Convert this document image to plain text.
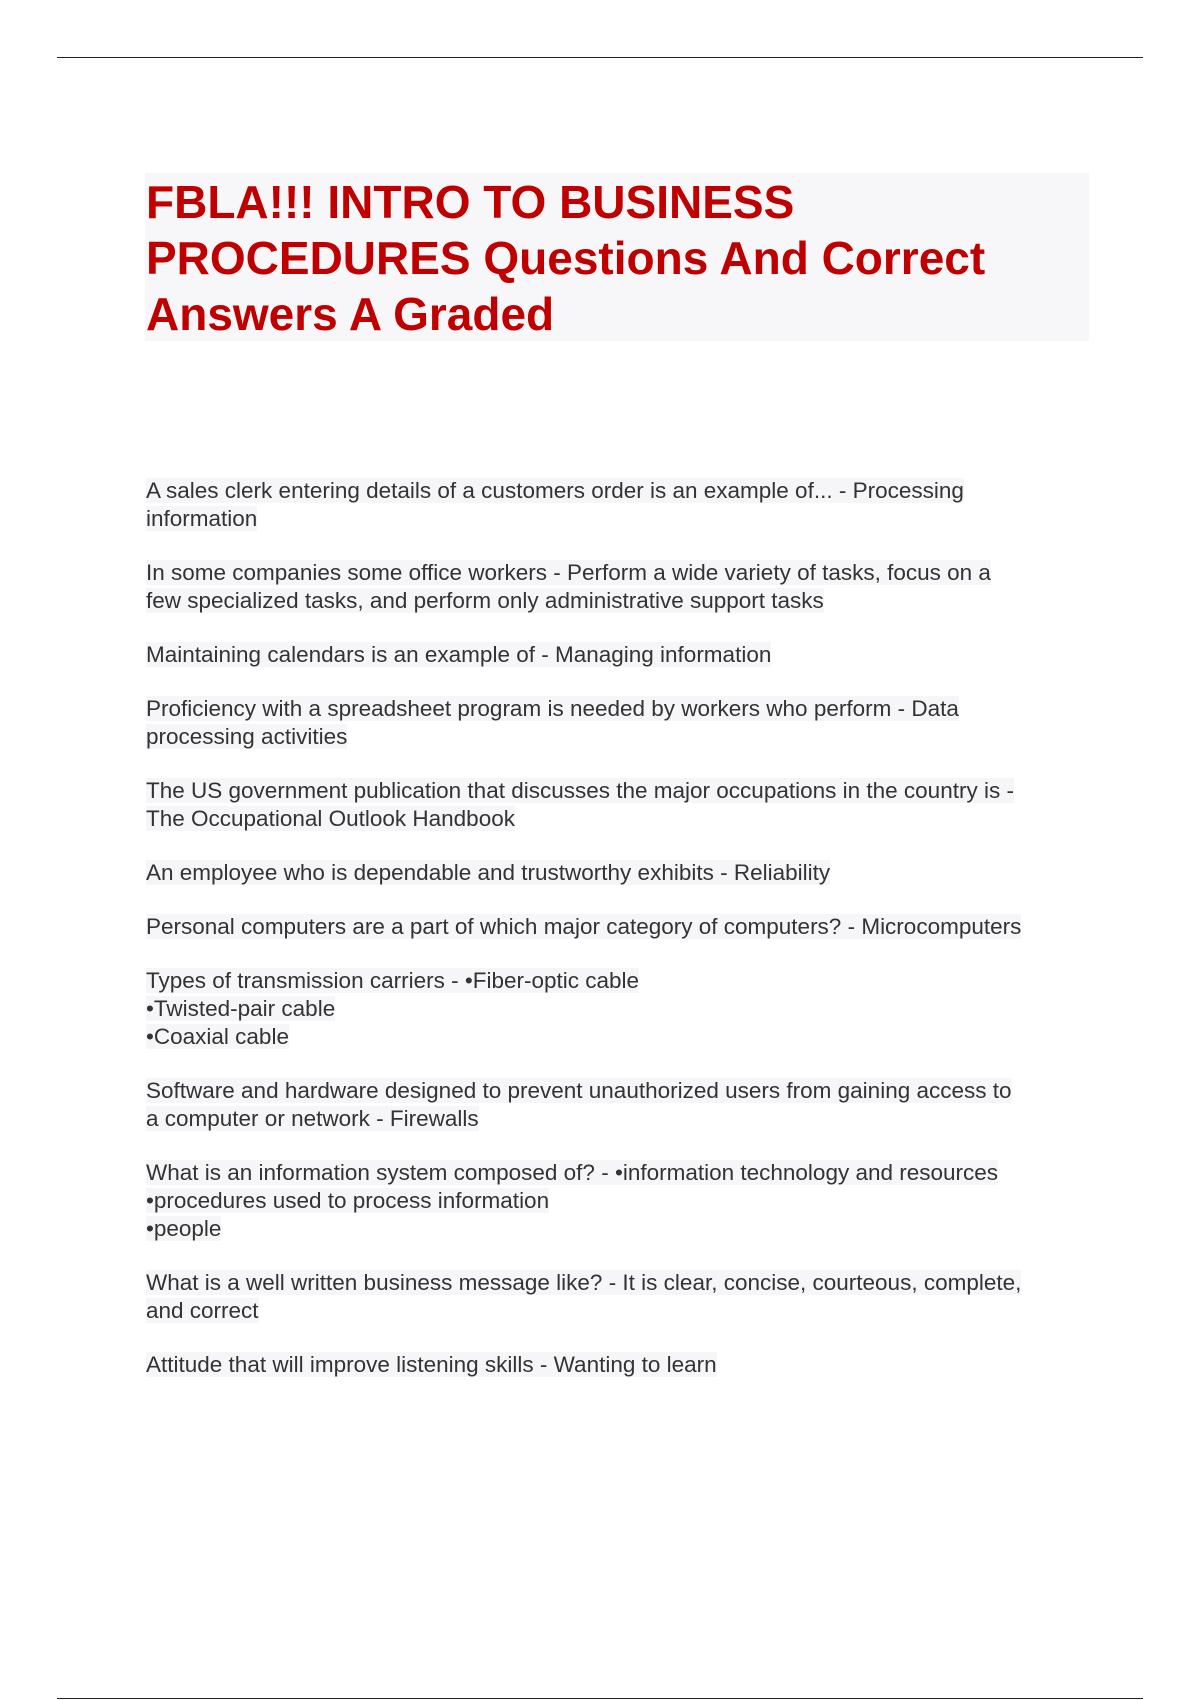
FBLA!!! INTRO TO BUSINESS
PROCEDURES Questions And Correct
Answers A Graded
A sales clerk entering details of a customers order is an example of... - Processing
information
In some companies some office workers - Perform a wide variety of tasks, focus on a
few specialized tasks, and perform only administrative support tasks
Maintaining calendars is an example of - Managing information
Proficiency with a spreadsheet program is needed by workers who perform - Data
processing activities
The US government publication that discusses the major occupations in the country is -
The Occupational Outlook Handbook
An employee who is dependable and trustworthy exhibits - Reliability
Personal computers are a part of which major category of computers? - Microcomputers
Types of transmission carriers - •Fiber-optic cable
•Twisted-pair cable
•Coaxial cable
Software and hardware designed to prevent unauthorized users from gaining access to
a computer or network - Firewalls
What is an information system composed of? - •information technology and resources
•procedures used to process information
•people
What is a well written business message like? - It is clear, concise, courteous, complete,
and correct
Attitude that will improve listening skills - Wanting to learn
